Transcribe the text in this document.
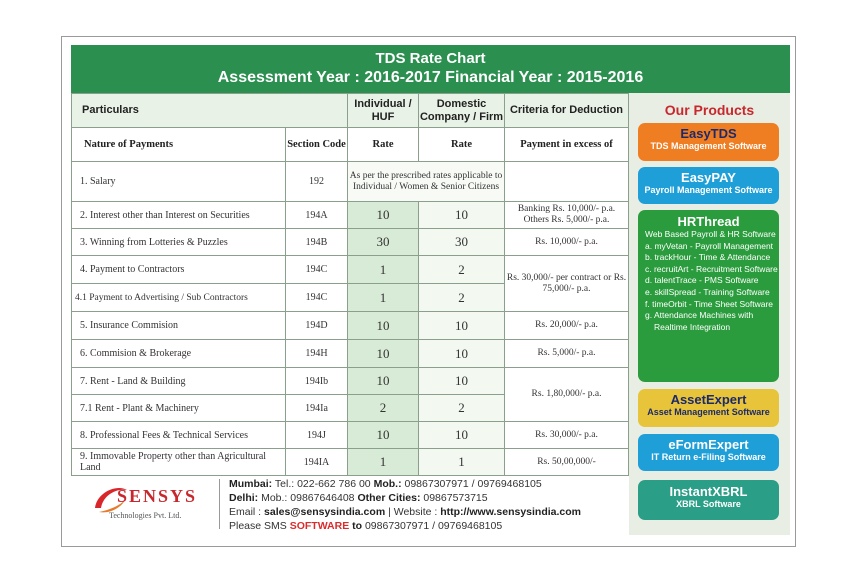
TDS Rate Chart
Assessment Year : 2016-2017 Financial Year : 2015-2016
Particulars		Individual / HUF	Domestic Company / Firm	Criteria for Deduction
Nature of Payments	Section Code	Rate	Rate	Payment in excess of
1. Salary	192	As per the prescribed rates applicable to Individual / Women & Senior Citizens		
2. Interest other than Interest on Securities	194A	10	10	Banking Rs. 10,000/- p.a. Others Rs. 5,000/- p.a.
3. Winning from Lotteries & Puzzles	194B	30	30	Rs. 10,000/- p.a.
4. Payment to Contractors	194C	1	2	Rs. 30,000/- per contract or Rs. 75,000/- p.a.
4.1 Payment to Advertising / Sub Contractors	194C	1	2	
5. Insurance Commision	194D	10	10	Rs. 20,000/- p.a.
6. Commision & Brokerage	194H	10	10	Rs. 5,000/- p.a.
7. Rent - Land & Building	194Ib	10	10	Rs. 1,80,000/- p.a.
7.1 Rent - Plant & Machinery	194Ia	2	2	
8. Professional Fees & Technical Services	194J	10	10	Rs. 30,000/- p.a.
9. Immovable Property other than Agricultural Land	194IA	1	1	Rs. 50,00,000/-
SENSYS
Technologies Pvt. Ltd.
Mumbai: Tel.: 022-662 786 00 Mob.: 09867307971 / 09769468105
Delhi: Mob.: 09867646408 Other Cities: 09867573715
Email : sales@sensysindia.com | Website : http://www.sensysindia.com
Please SMS SOFTWARE to 09867307971 / 09769468105
Our Products
EasyTDS
TDS Management Software
EasyPAY
Payroll Management Software
HRThread
Web Based Payroll & HR Software
a. myVetan - Payroll Management
b. trackHour - Time & Attendance
c. recruitArt - Recruitment Software
d. talentTrace - PMS Software
e. skillSpread - Training Software
f. timeOrbit - Time Sheet Software
g. Attendance Machines with
Realtime Integration
AssetExpert
Asset Management Software
eFormExpert
IT Return e-Filing Software
InstantXBRL
XBRL Software
